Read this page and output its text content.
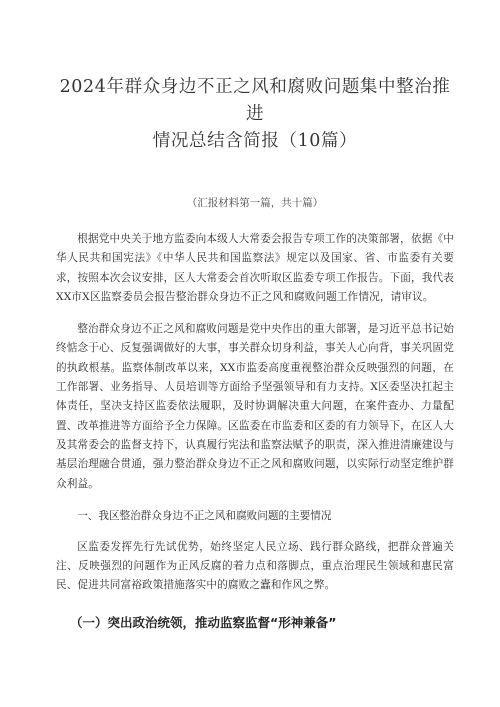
2024年群众身边不正之风和腐败问题集中整治推进
情况总结含简报（10篇）

（汇报材料第一篇，共十篇）

根据党中央关于地方监委向本级人大常委会报告专项工作的决策部署，依据《中华人民共和国宪法》《中华人民共和国监察法》规定以及国家、省、市监委有关要求，按照本次会议安排，区人大常委会首次听取区监委专项工作报告。下面，我代表XX市X区监察委员会报告整治群众身边不正之风和腐败问题工作情况，请审议。

整治群众身边不正之风和腐败问题是党中央作出的重大部署，是习近平总书记始终惦念于心、反复强调做好的大事，事关群众切身利益，事关人心向背，事关巩固党的执政根基。监察体制改革以来，XX市监委高度重视整治群众反映强烈的问题，在工作部署、业务指导、人员培训等方面给予坚强领导和有力支持。X区委坚决扛起主体责任，坚决支持区监委依法履职，及时协调解决重大问题，在案件查办、力量配置、改革推进等方面给予全力保障。区监委在市监委和区委的有力领导下，在区人大及其常委会的监督支持下，认真履行宪法和监察法赋予的职责，深入推进清廉建设与基层治理融合贯通，强力整治群众身边不正之风和腐败问题，以实际行动坚定维护群众利益。

一、我区整治群众身边不正之风和腐败问题的主要情况

区监委发挥先行先试优势，始终坚定人民立场、践行群众路线，把群众普遍关注、反映强烈的问题作为正风反腐的着力点和落脚点，重点治理民生领域和惠民富民、促进共同富裕政策措施落实中的腐败之蠹和作风之弊。

（一）突出政治统领，推动监察监督“形神兼备”
